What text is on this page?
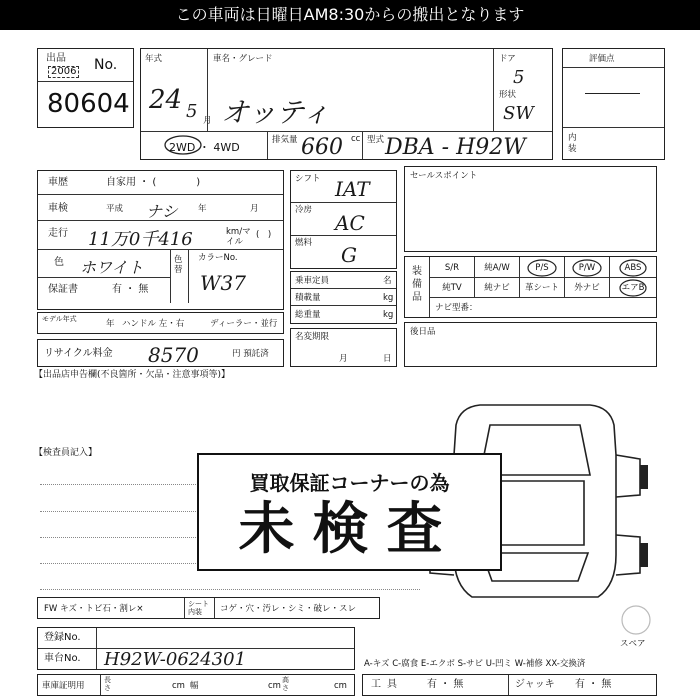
この車両は日曜日AM8:30からの搬出となります
出品
2006 No.
80604
年式
24 5 月
車名・グレード
オッティ
ドア
5
形状
SW
2WD ・ 4WD
排気量 660 cc 型式 DBA - H92W
評価点
内装
車歴	自家用 ・ (　　　　)
車検	平成 ナシ 年	月
走行 11万0千416	km/マイル
(　)
色 ホワイト	色替
カラーNo.
W37
保証書	有 ・ 無
モデル年式	年 ハンドル 左・右	ディーラー・並行
リサイクル料金 8570	円 預託済
シフト IAT
冷房
AC
燃料 G
乗車定員	名
積載量	kg
総重量	kg
名変期限
月	日
セールスポイント
装備品
S/R	純A/W	P/S	P/W	ABS
純TV	純ナビ	革シート	外ナビ	エアB
ナビ型番：
後日品
【出品店申告欄(不良箇所・欠品・注意事項等)】
【検査員記入】
買取保証コーナーの為
未検査
スペア
FW キズ・トビ石・割レ×	シート内装	コゲ・穴・汚レ・シミ・破レ・スレ
登録No.
車台No. H92W-0624301	A-キズ C-腐食 E-エクボ S-サビ U-凹ミ W-補修 XX-交換済
車庫証明用
長さ	cm 幅	cm
高さ	cm 工具 有 ・ 無	ジャッキ 有 ・ 無
